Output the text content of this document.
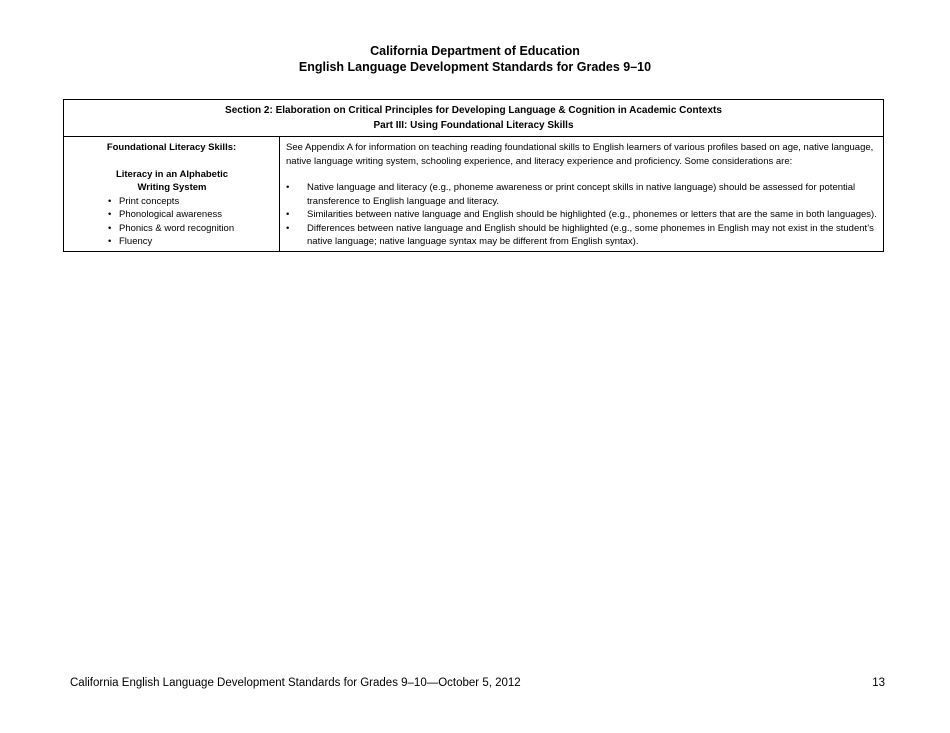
California Department of Education
English Language Development Standards for Grades 9–10
Section 2: Elaboration on Critical Principles for Developing Language & Cognition in Academic Contexts
Part III: Using Foundational Literacy Skills

Foundational Literacy Skills:
Literacy in an Alphabetic Writing System
• Print concepts
• Phonological awareness
• Phonics & word recognition
• Fluency

See Appendix A for information on teaching reading foundational skills to English learners of various profiles based on age, native language, native language writing system, schooling experience, and literacy experience and proficiency. Some considerations are:
• Native language and literacy (e.g., phoneme awareness or print concept skills in native language) should be assessed for potential transference to English language and literacy.
• Similarities between native language and English should be highlighted (e.g., phonemes or letters that are the same in both languages).
• Differences between native language and English should be highlighted (e.g., some phonemes in English may not exist in the student’s native language; native language syntax may be different from English syntax).
California English Language Development Standards for Grades 9–10—October 5, 2012	13
